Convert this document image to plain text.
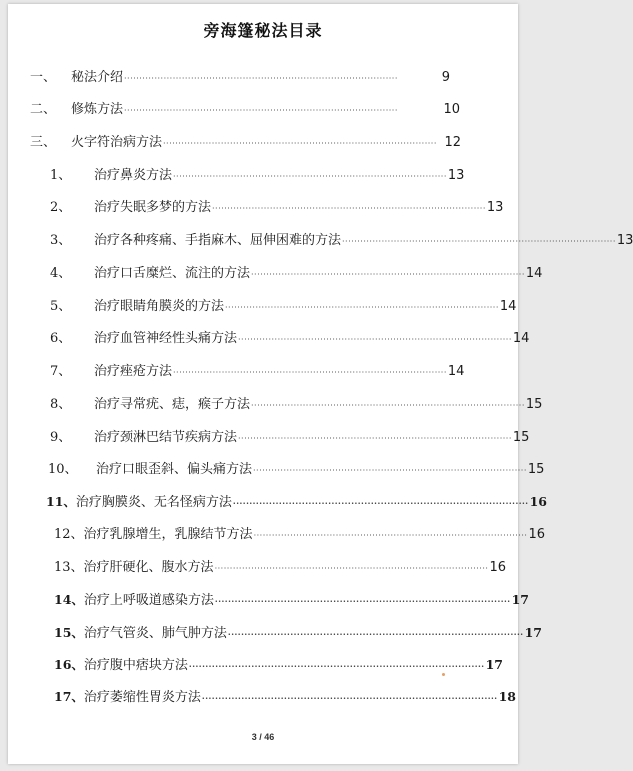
旁海篷秘法目录
一、	秘法介绍 ··························································································	9
二、	修炼方法 ··························································································	10
三、	火字符治病方法 ·························································································· 12
1、	治疗鼻炎方法 ·························································································· 13
2、	治疗失眠多梦的方法 ·························································································· 13
3、	治疗各种疼痛、手指麻木、屈伸困难的方法 ·························································································· 13
4、	治疗口舌糜烂、流注的方法 ·························································································· 14
5、	治疗眼睛角膜炎的方法 ·························································································· 14
6、	治疗血管神经性头痛方法 ·························································································· 14
7、	治疗痤疮方法 ·························································································· 14
8、	治疗寻常疣、痣，瘊子方法 ·························································································· 15
9、	治疗颈淋巴结节疾病方法 ·························································································· 15
10、	治疗口眼歪斜、偏头痛方法 ·························································································· 15
11、 治疗胸膜炎、无名怪病方法 ·························································································· 16
12、 治疗乳腺增生，乳腺结节方法 ·························································································· 16
13、 治疗肝硬化、腹水方法 ·························································································· 16
14、 治疗上呼吸道感染方法 ·························································································· 17
15、 治疗气管炎、肺气肿方法 ·························································································· 17
16、 治疗腹中痞块方法 ·························································································· 17
17、 治疗萎缩性胃炎方法 ·························································································· 18
3 / 46
